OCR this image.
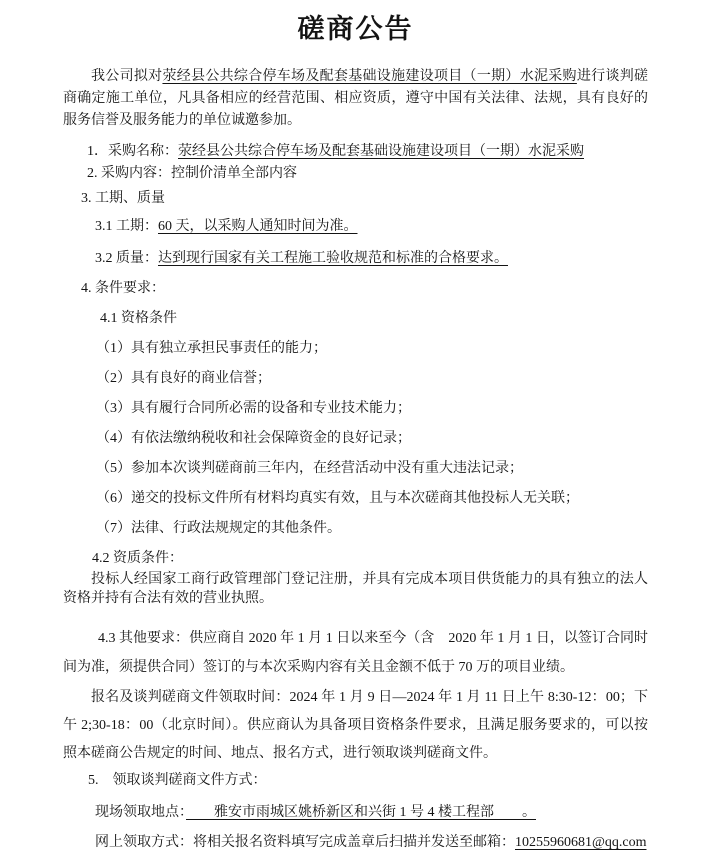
磋商公告

我公司拟对荥经县公共综合停车场及配套基础设施建设项目（一期）水泥采购进行谈判磋商确定施工单位，凡具备相应的经营范围、相应资质，遵守中国有关法律、法规，具有良好的服务信誉及服务能力的单位诚邀参加。

1．采购名称：荥经县公共综合停车场及配套基础设施建设项目（一期）水泥采购
2. 采购内容：控制价清单全部内容
3. 工期、质量
3.1 工期：60 天，以采购人通知时间为准。
3.2 质量：达到现行国家有关工程施工验收规范和标准的合格要求。
4. 条件要求：
4.1 资格条件
（1）具有独立承担民事责任的能力；
（2）具有良好的商业信誉；
（3）具有履行合同所必需的设备和专业技术能力；
（4）有依法缴纳税收和社会保障资金的良好记录；
（5）参加本次谈判磋商前三年内，在经营活动中没有重大违法记录；
（6）递交的投标文件所有材料均真实有效，且与本次磋商其他投标人无关联；
（7）法律、行政法规规定的其他条件。
4.2 资质条件：

投标人经国家工商行政管理部门登记注册，并具有完成本项目供货能力的具有独立的法人资格并持有合法有效的营业执照。

4.3 其他要求：供应商自 2020 年 1 月 1 日以来至今（含　2020 年 1 月 1 日，以签订合同时间为准，须提供合同）签订的与本次采购内容有关且金额不低于 70 万的项目业绩。

报名及谈判磋商文件领取时间：2024 年 1 月 9 日—2024 年 1 月 11 日上午 8:30-12：00；下午 2;30-18：00（北京时间）。供应商认为具备项目资格条件要求，且满足服务要求的，可以按照本磋商公告规定的时间、地点、报名方式，进行领取谈判磋商文件。

5.　领取谈判磋商文件方式：
现场领取地点：　　雅安市雨城区姚桥新区和兴街 1 号 4 楼工程部　　。
网上领取方式：将相关报名资料填写完成盖章后扫描并发送至邮箱：10255960681@qq.com
